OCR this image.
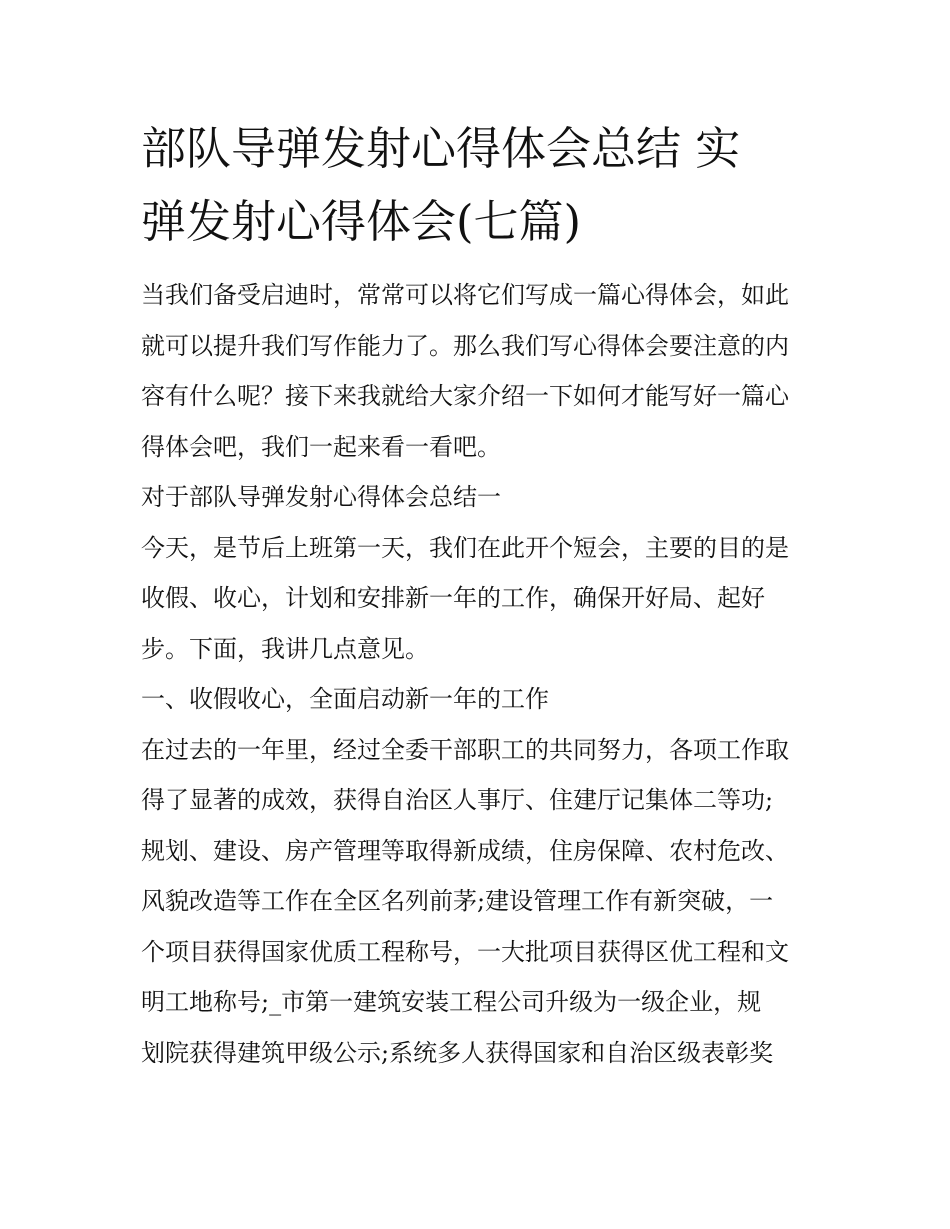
部队导弹发射心得体会总结 实
弹发射心得体会(七篇)

当我们备受启迪时，常常可以将它们写成一篇心得体会，如此
就可以提升我们写作能力了。那么我们写心得体会要注意的内
容有什么呢？接下来我就给大家介绍一下如何才能写好一篇心
得体会吧，我们一起来看一看吧。

对于部队导弹发射心得体会总结一

今天，是节后上班第一天，我们在此开个短会，主要的目的是
收假、收心，计划和安排新一年的工作，确保开好局、起好
步。下面，我讲几点意见。

一、收假收心，全面启动新一年的工作

在过去的一年里，经过全委干部职工的共同努力，各项工作取
得了显著的成效，获得自治区人事厅、住建厅记集体二等功;
规划、建设、房产管理等取得新成绩，住房保障、农村危改、
风貌改造等工作在全区名列前茅;建设管理工作有新突破，一
个项目获得国家优质工程称号，一大批项目获得区优工程和文
明工地称号;_市第一建筑安装工程公司升级为一级企业，规
划院获得建筑甲级公示;系统多人获得国家和自治区级表彰奖
